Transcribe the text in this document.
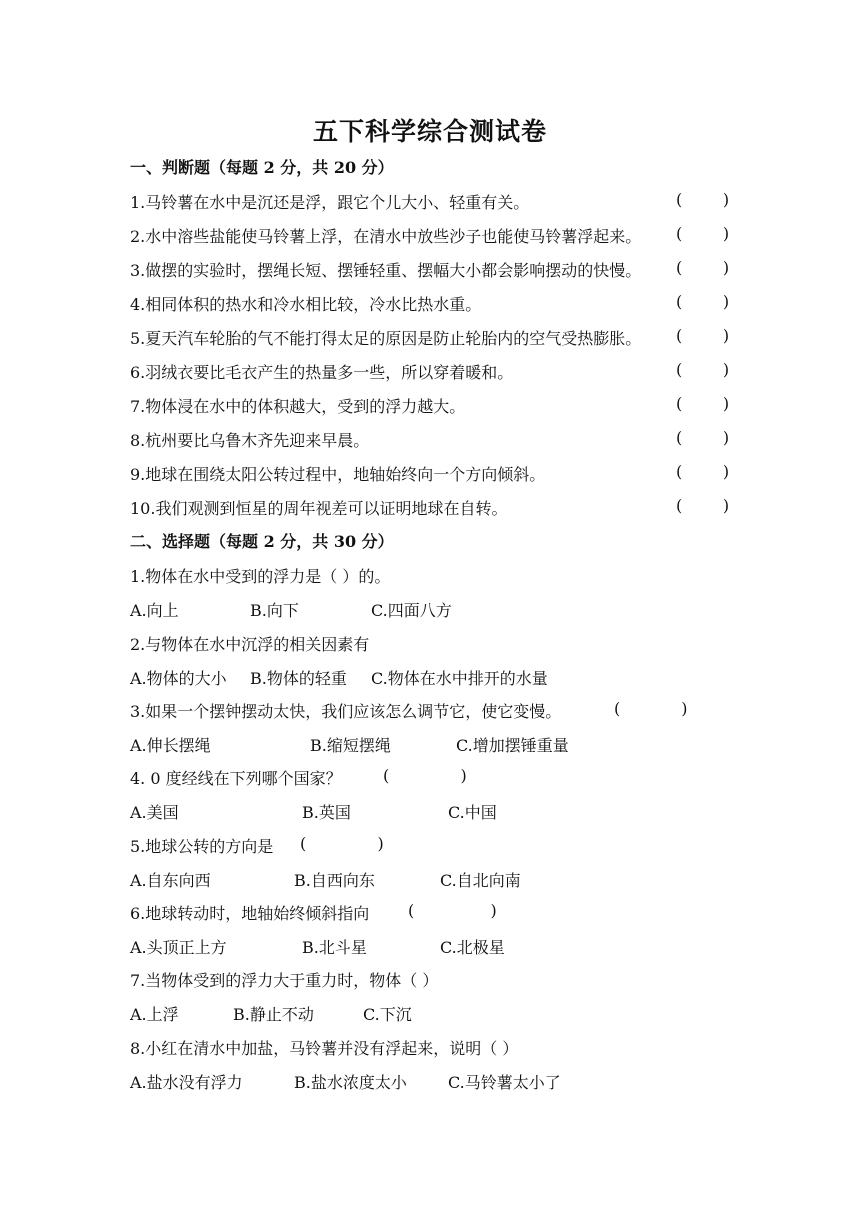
五下科学综合测试卷
一、判断题（每题 2 分，共 20 分）
1.马铃薯在水中是沉还是浮，跟它个儿大小、轻重有关。	(        )
2.水中溶些盐能使马铃薯上浮，在清水中放些沙子也能使马铃薯浮起来。 (        )
3.做摆的实验时，摆绳长短、摆锤轻重、摆幅大小都会影响摆动的快慢。 (        )
4.相同体积的热水和冷水相比较，冷水比热水重。	(        )
5.夏天汽车轮胎的气不能打得太足的原因是防止轮胎内的空气受热膨胀。 (        )
6.羽绒衣要比毛衣产生的热量多一些，所以穿着暖和。	(        )
7.物体浸在水中的体积越大，受到的浮力越大。	(        )
8.杭州要比乌鲁木齐先迎来早晨。	(        )
9.地球在围绕太阳公转过程中，地轴始终向一个方向倾斜。	(        )
10.我们观测到恒星的周年视差可以证明地球在自转。	(        )
二、选择题（每题 2 分，共 30 分）
1.物体在水中受到的浮力是（ ）的。
A.向上	B.向下	C.四面八方
2.与物体在水中沉浮的相关因素有
A.物体的大小 B.物体的轻重 C.物体在水中排开的水量
3.如果一个摆钟摆动太快，我们应该怎么调节它，使它变慢。	(            )
A.伸长摆绳	B.缩短摆绳	C.增加摆锤重量
4. 0 度经线在下列哪个国家？	(              )
A.美国	B.英国	C.中国
5.地球公转的方向是 (              )
A.自东向西	B.自西向东	C.自北向南
6.地球转动时，地轴始终倾斜指向 (               )
A.头顶正上方	B.北斗星	C.北极星
7.当物体受到的浮力大于重力时，物体（ ）
A.上浮	B.静止不动	C.下沉
8.小红在清水中加盐，马铃薯并没有浮起来，说明（ ）
A.盐水没有浮力	B.盐水浓度太小	C.马铃薯太小了
